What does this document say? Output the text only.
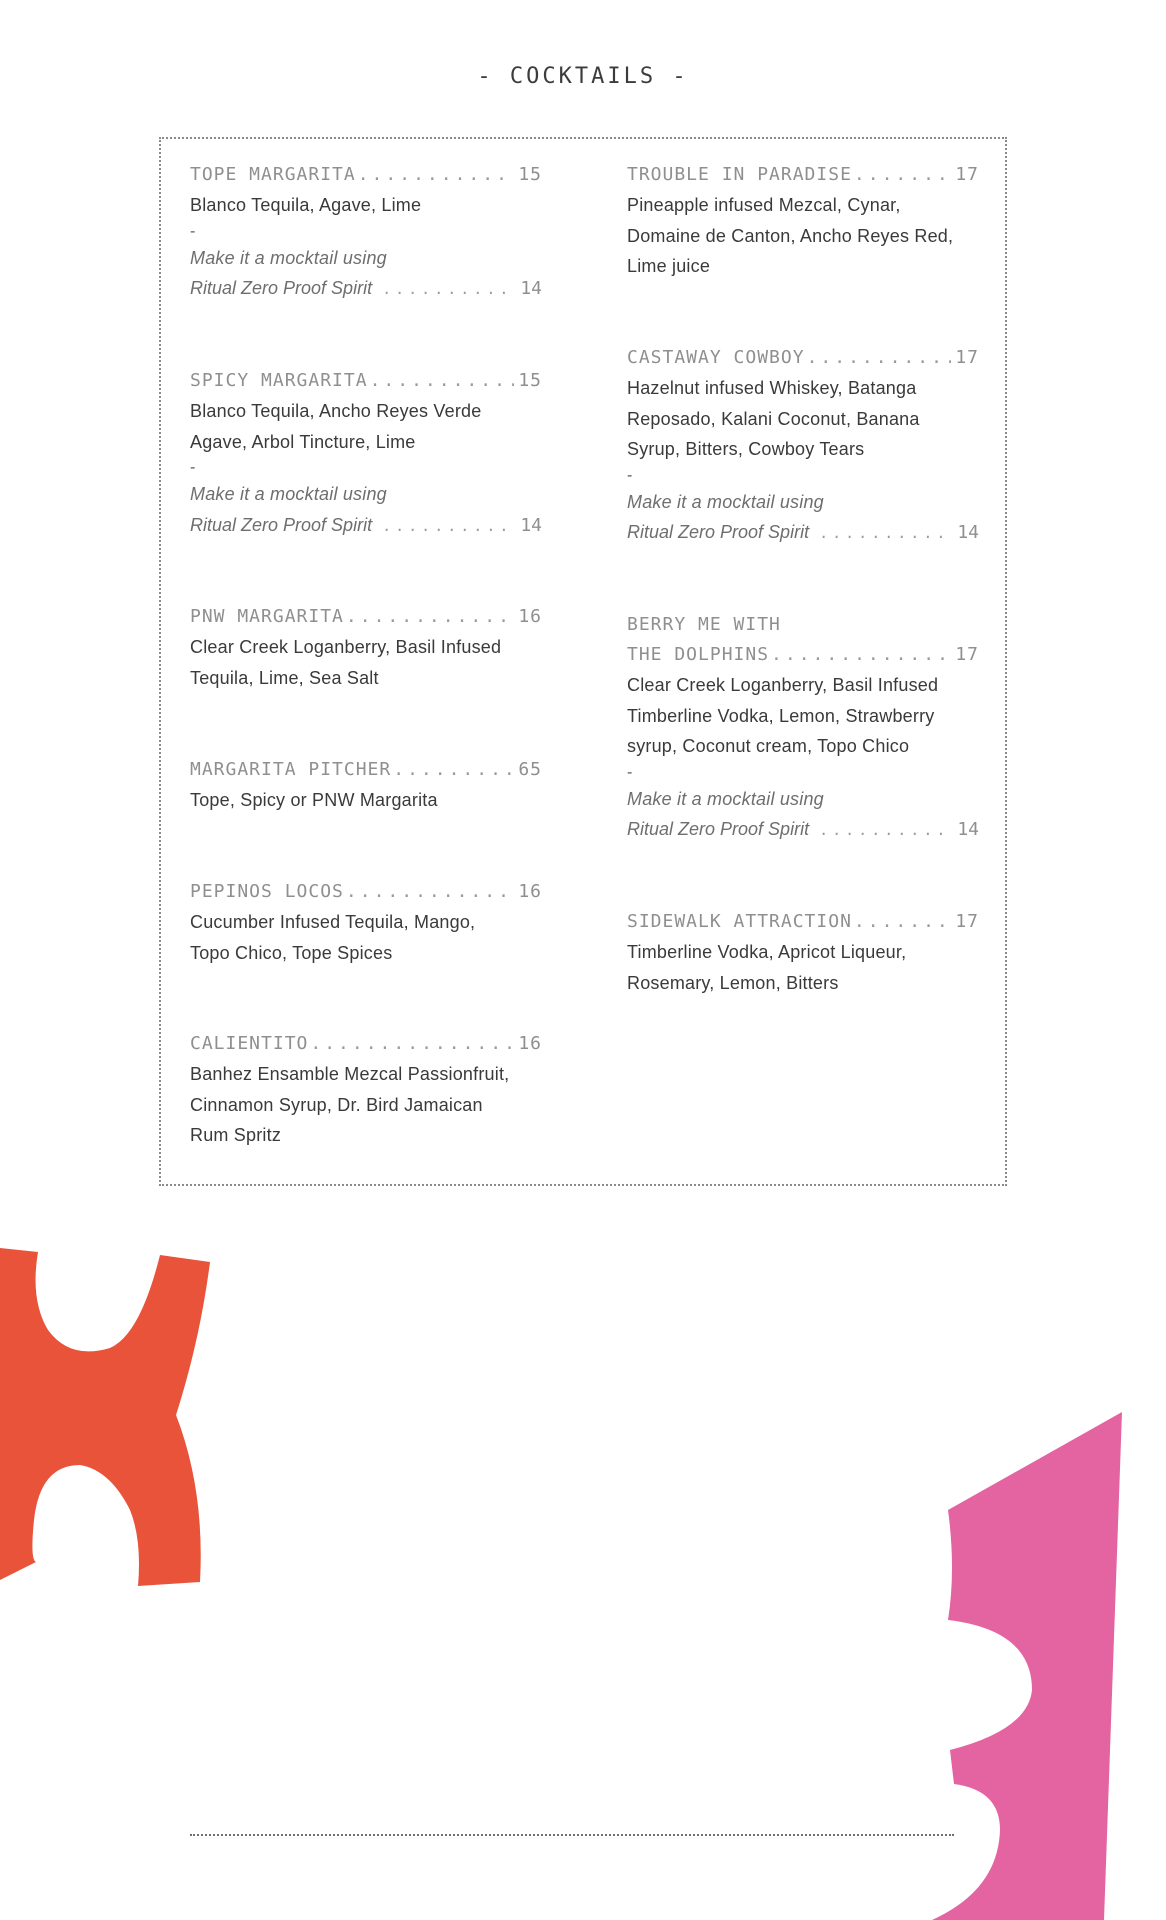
- COCKTAILS -
TOPE MARGARITA .....	15
Blanco Tequila, Agave, Lime
-
Make it a mocktail using
Ritual Zero Proof Spirit .....	14
SPICY MARGARITA .....	15
Blanco Tequila, Ancho Reyes Verde
Agave, Arbol Tincture, Lime
-
Make it a mocktail using
Ritual Zero Proof Spirit .....	14
PNW MARGARITA .....	16
Clear Creek Loganberry, Basil Infused
Tequila, Lime, Sea Salt
MARGARITA PITCHER .....	65
Tope, Spicy or PNW Margarita
PEPINOS LOCOS .....	16
Cucumber Infused Tequila, Mango,
Topo Chico, Tope Spices
CALIENTITO .....	16
Banhez Ensamble Mezcal Passionfruit,
Cinnamon Syrup, Dr. Bird Jamaican
Rum Spritz
TROUBLE IN PARADISE .....	17
Pineapple infused Mezcal, Cynar,
Domaine de Canton, Ancho Reyes Red,
Lime juice
CASTAWAY COWBOY .....	17
Hazelnut infused Whiskey, Batanga
Reposado, Kalani Coconut, Banana
Syrup, Bitters, Cowboy Tears
-
Make it a mocktail using
Ritual Zero Proof Spirit .....	14
BERRY ME WITH
THE DOLPHINS .....	17
Clear Creek Loganberry, Basil Infused
Timberline Vodka, Lemon, Strawberry
syrup, Coconut cream, Topo Chico
-
Make it a mocktail using
Ritual Zero Proof Spirit .....	14
SIDEWALK ATTRACTION .....	17
Timberline Vodka, Apricot Liqueur,
Rosemary, Lemon, Bitters
